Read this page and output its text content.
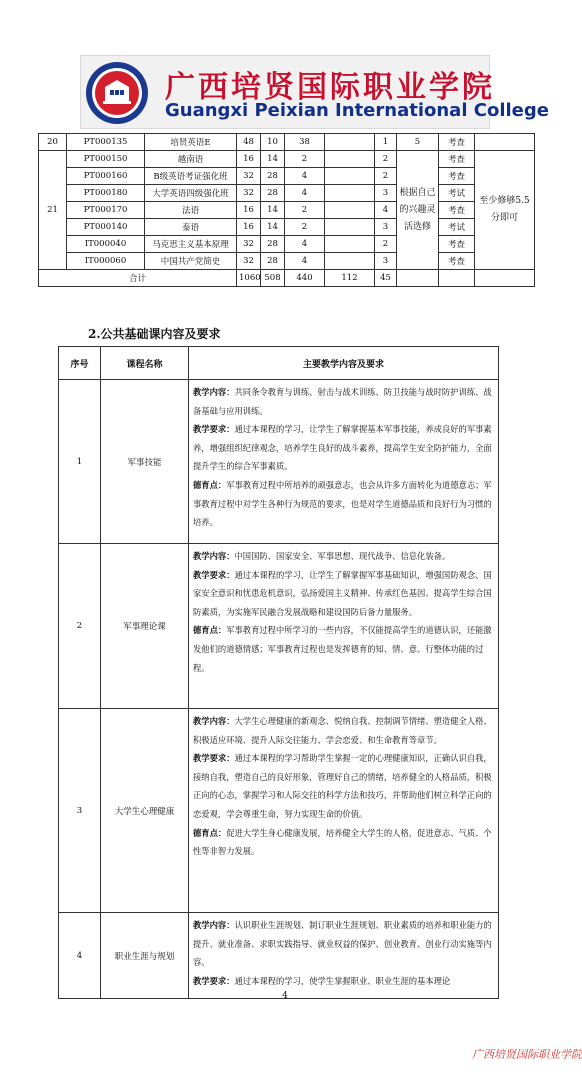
广西培贤国际职业学院
Guangxi Peixian International College
20	PT000135	培贤英语E	48	10	38		1	5	考查	
21	PT000150	越南语	16	14	2		2	根据自己的兴趣灵活选修	考查	至少修够5.5分即可
	PT000160	B级英语考证强化班	32	28	4		2		考查	
	PT000180	大学英语四级强化班	32	28	4		3		考试	
	PT000170	法语	16	14	2		4		考查	
	PT000140	泰语	16	14	2		3		考试	
	IT000040	马克思主义基本原理	32	28	4		2		考查	
	IT000060	中国共产党简史	32	28	4		3		考查	
合计			1060	508	440	112	45			
2.公共基础课内容及要求
序号	课程名称	主要教学内容及要求
1	军事技能	教学内容：共同条令教育与训练、射击与战术训练、防卫技能与战时防护训练、战备基础与应用训练。

教学要求：通过本课程的学习，让学生了解掌握基本军事技能，养成良好的军事素养，增强组织纪律观念，培养学生良好的战斗素养，提高学生安全防护能力，全面提升学生的综合军事素质。

德育点：军事教育过程中所培养的顽强意志，也会从许多方面转化为道德意志；军事教育过程中对学生各种行为规范的要求，也是对学生道德品质和良好行为习惯的培养。

2	军事理论课	教学内容：中国国防、国家安全、军事思想、现代战争、信息化装备。

教学要求：通过本课程的学习，让学生了解掌握军事基础知识，增强国防观念、国家安全意识和忧患危机意识，弘扬爱国主义精神、传承红色基因、提高学生综合国防素质，为实施军民融合发展战略和建设国防后备力量服务。

德育点：军事教育过程中所学习的一些内容，不仅能提高学生的道德认识，还能激发他们的道德情感；军事教育过程也是发挥德育的知、情、意、行整体功能的过程。

3	大学生心理健康	教学内容：大学生心理健康的新观念、悦纳自我、控制调节情绪、塑造健全人格、积极适应环境、提升人际交往能力、学会恋爱、和生命教育等章节。

教学要求：通过本课程的学习帮助学生掌握一定的心理健康知识，正确认识自我，接纳自我，塑造自己的良好形象，管理好自己的情绪，培养健全的人格品质，积极正向的心态，掌握学习和人际交往的科学方法和技巧，并帮助他们树立科学正向的恋爱观，学会尊重生命，努力实现生命的价值。

德育点：促进大学生身心健康发展，培养健全大学生的人格，促进意志、气质、个性等非智力发展。

4	职业生涯与规划	教学内容：认识职业生涯规划、制订职业生涯规划、职业素质的培养和职业能力的提升、就业准备、求职实践指导、就业权益的保护、创业教育、创业行动实施等内容。

教学要求：通过本课程的学习，使学生掌握职业、职业生涯的基本理论

4
广西培贤国际职业学院
